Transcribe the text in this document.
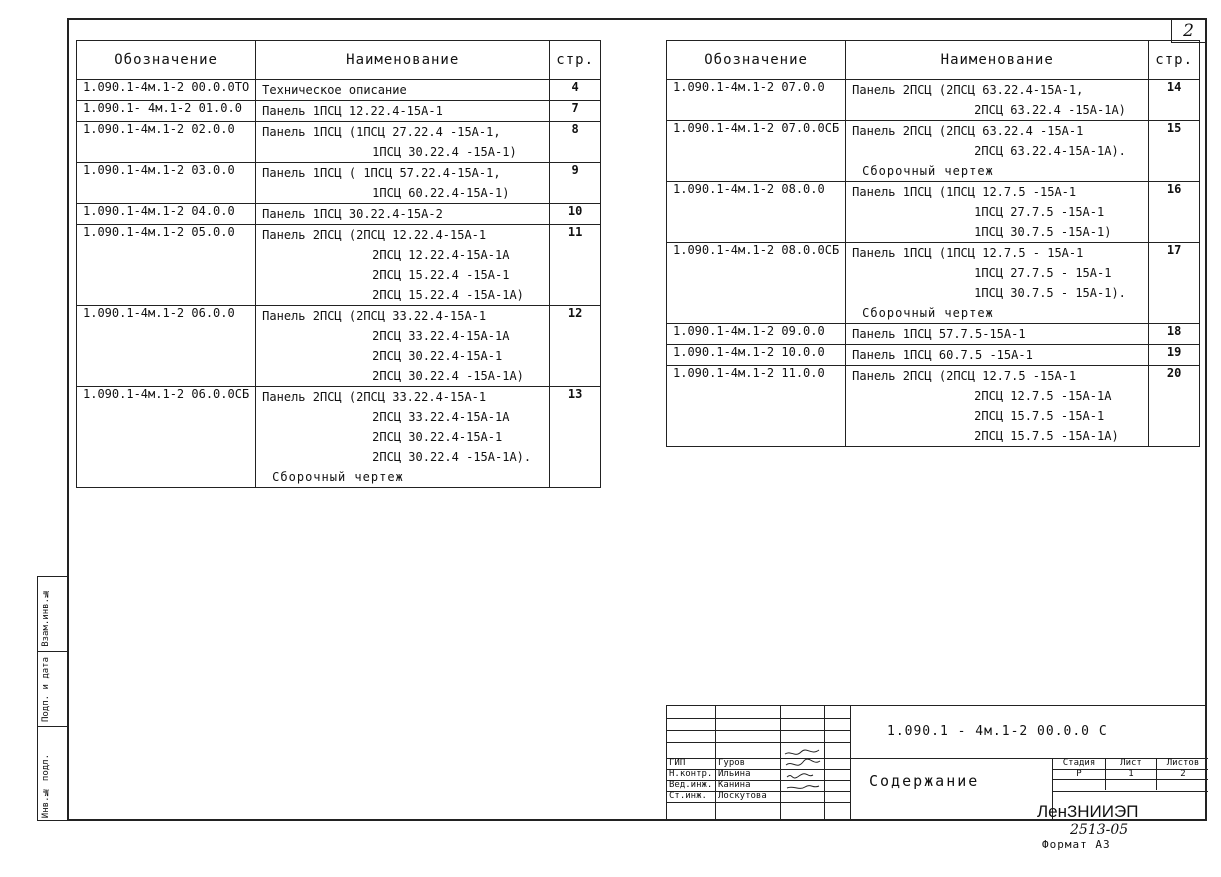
2
Обозначение	Наименование	стр.
1.090.1-4м.1-2 00.0.0ТО	Техническое описание	4
1.090.1- 4м.1-2 01.0.0	Панель 1ПСЦ 12.22.4-15А-1	7
1.090.1-4м.1-2 02.0.0	Панель 1ПСЦ (1ПСЦ 27.22.4 -15А-1,
1ПСЦ 30.22.4 -15А-1)	8
1.090.1-4м.1-2 03.0.0	Панель 1ПСЦ ( 1ПСЦ 57.22.4-15А-1,
1ПСЦ 60.22.4-15А-1)	9
1.090.1-4м.1-2 04.0.0	Панель 1ПСЦ 30.22.4-15А-2	10
1.090.1-4м.1-2 05.0.0	Панель 2ПСЦ (2ПСЦ 12.22.4-15А-1
2ПСЦ 12.22.4-15А-1А
2ПСЦ 15.22.4 -15А-1
2ПСЦ 15.22.4 -15А-1А)	11
1.090.1-4м.1-2 06.0.0	Панель 2ПСЦ (2ПСЦ 33.22.4-15А-1
2ПСЦ 33.22.4-15А-1А
2ПСЦ 30.22.4-15А-1
2ПСЦ 30.22.4 -15А-1А)	12
1.090.1-4м.1-2 06.0.0СБ	Панель 2ПСЦ (2ПСЦ 33.22.4-15А-1
2ПСЦ 33.22.4-15А-1А
2ПСЦ 30.22.4-15А-1
2ПСЦ 30.22.4 -15А-1А).
Сборочный чертеж	13
Обозначение	Наименование	стр.
1.090.1-4м.1-2 07.0.0	Панель 2ПСЦ (2ПСЦ 63.22.4-15А-1,
2ПСЦ 63.22.4 -15А-1А)	14
1.090.1-4м.1-2 07.0.0СБ	Панель 2ПСЦ (2ПСЦ 63.22.4 -15А-1
2ПСЦ 63.22.4-15А-1А).
Сборочный чертеж	15
1.090.1-4м.1-2 08.0.0	Панель 1ПСЦ (1ПСЦ 12.7.5 -15А-1
1ПСЦ 27.7.5 -15А-1
1ПСЦ 30.7.5 -15А-1)	16
1.090.1-4м.1-2 08.0.0СБ	Панель 1ПСЦ (1ПСЦ 12.7.5 - 15А-1
1ПСЦ 27.7.5 - 15А-1
1ПСЦ 30.7.5 - 15А-1).
Сборочный чертеж	17
1.090.1-4м.1-2 09.0.0	Панель 1ПСЦ 57.7.5-15А-1	18
1.090.1-4м.1-2 10.0.0	Панель 1ПСЦ 60.7.5 -15А-1	19
1.090.1-4м.1-2 11.0.0	Панель 2ПСЦ (2ПСЦ 12.7.5 -15А-1
2ПСЦ 12.7.5 -15А-1А
2ПСЦ 15.7.5 -15А-1
2ПСЦ 15.7.5 -15А-1А)	20
Взам.инв.№
Подп. и дата
Инв.№ подл.	ГИП	Гуров
Н.контр. Ильина
Вед.инж. Канина
Ст.инж. Лоскутова
1.090.1 - 4м.1-2 00.0.0 С
Содержание
Стадия	Лист	Листов
Р	1	2
ЛенЗНИИЭП
2513-05
Формат А3
